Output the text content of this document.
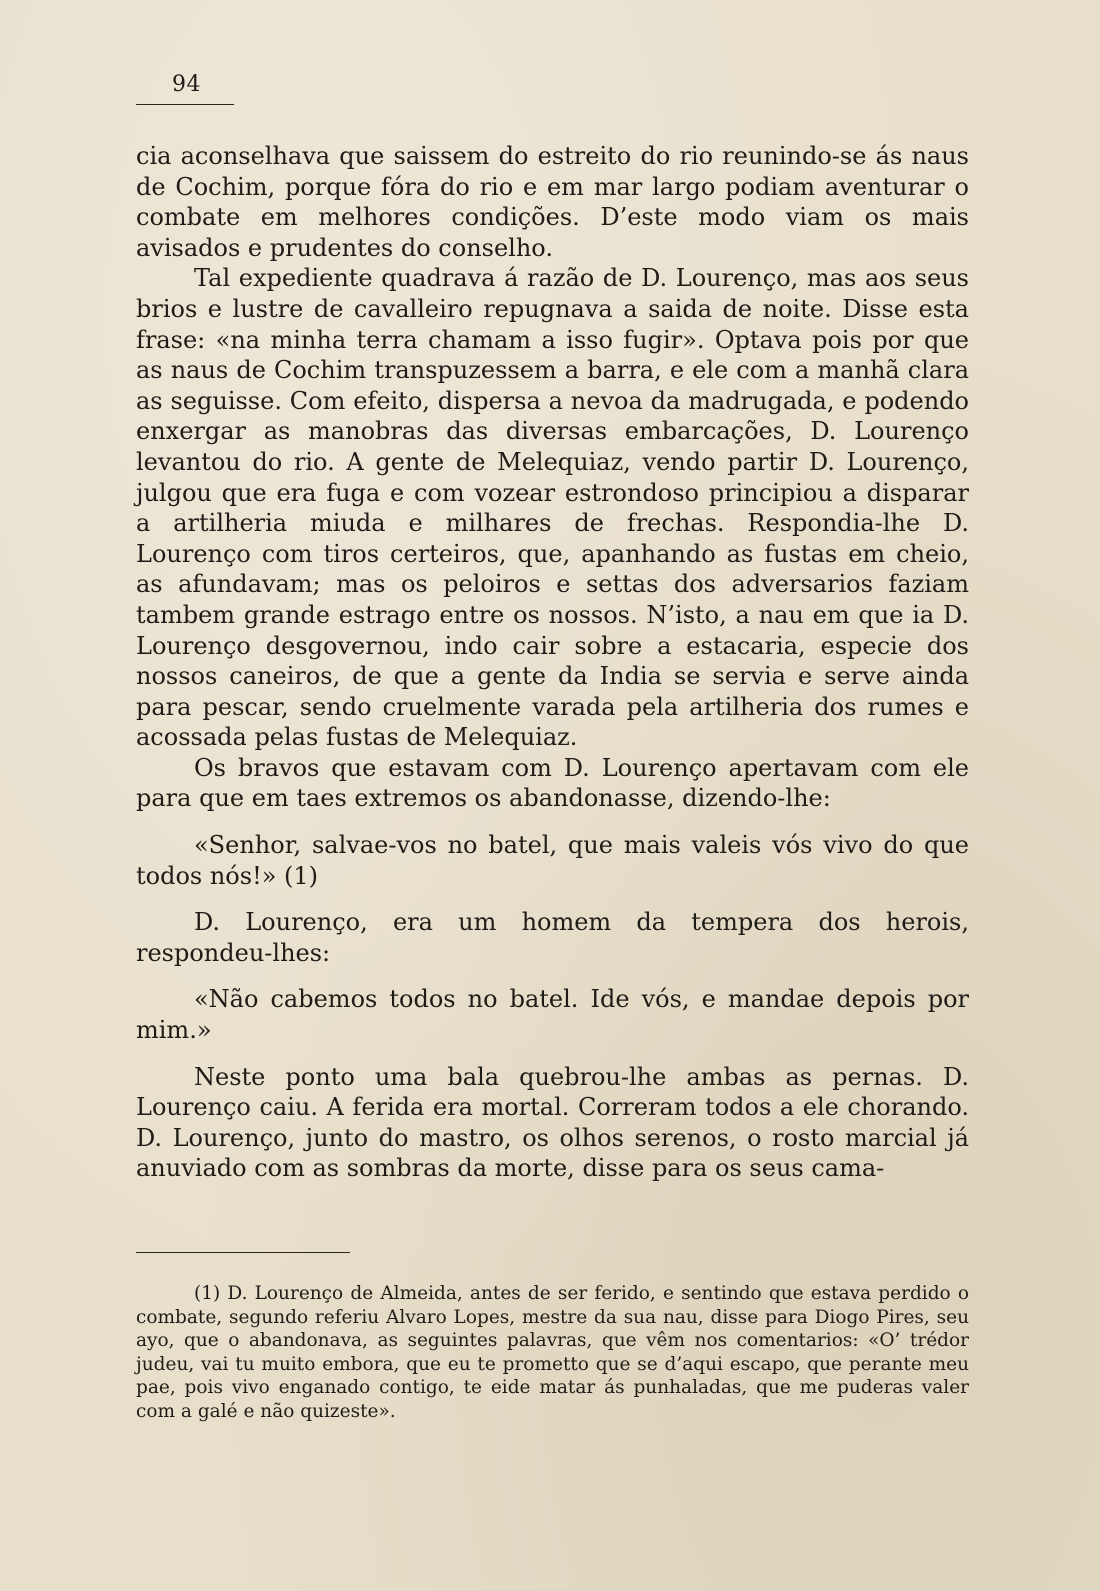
94

cia aconselhava que saissem do estreito do rio reunindo-se ás naus de Cochim, porque fóra do rio e em mar largo podiam aventurar o combate em melhores condições. D’este modo viam os mais avisados e prudentes do conselho.

Tal expediente quadrava á razão de D. Lourenço, mas aos seus brios e lustre de cavalleiro repugnava a saida de noite. Disse esta frase: «na minha terra chamam a isso fugir». Optava pois por que as naus de Cochim transpuzessem a barra, e ele com a manhã clara as seguisse. Com efeito, dispersa a nevoa da madrugada, e podendo enxergar as manobras das diversas embarcações, D. Lourenço levantou do rio. A gente de Melequiaz, vendo partir D. Lourenço, julgou que era fuga e com vozear estrondoso principiou a disparar a artilheria miuda e milhares de frechas. Respondia-lhe D. Lourenço com tiros certeiros, que, apanhando as fustas em cheio, as afundavam; mas os peloiros e settas dos adversarios faziam tambem grande estrago entre os nossos. N’isto, a nau em que ia D. Lourenço desgovernou, indo cair sobre a estacaria, especie dos nossos caneiros, de que a gente da India se servia e serve ainda para pescar, sendo cruelmente varada pela artilheria dos rumes e acossada pelas fustas de Melequiaz.

Os bravos que estavam com D. Lourenço apertavam com ele para que em taes extremos os abandonasse, dizendo-lhe:

«Senhor, salvae-vos no batel, que mais valeis vós vivo do que todos nós!» (1)

D. Lourenço, era um homem da tempera dos herois, respondeu-lhes:

«Não cabemos todos no batel. Ide vós, e mandae depois por mim.»

Neste ponto uma bala quebrou-lhe ambas as pernas. D. Lourenço caiu. A ferida era mortal. Correram todos a ele chorando. D. Lourenço, junto do mastro, os olhos serenos, o rosto marcial já anuviado com as sombras da morte, disse para os seus cama-

(1) D. Lourenço de Almeida, antes de ser ferido, e sentindo que estava perdido o combate, segundo referiu Alvaro Lopes, mestre da sua nau, disse para Diogo Pires, seu ayo, que o abandonava, as seguintes palavras, que vêm nos comentarios: «O’ trédor judeu, vai tu muito embora, que eu te prometto que se d’aqui escapo, que perante meu pae, pois vivo enganado contigo, te eide matar ás punhaladas, que me puderas valer com a galé e não quizeste».
